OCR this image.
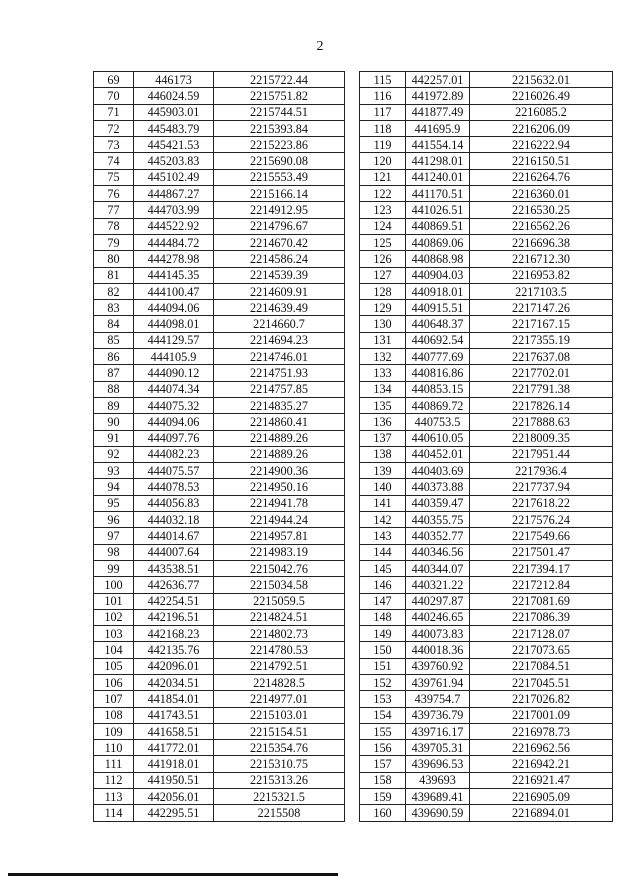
2
69	446173	2215722.44
70	446024.59	2215751.82
71	445903.01	2215744.51
72	445483.79	2215393.84
73	445421.53	2215223.86
74	445203.83	2215690.08
75	445102.49	2215553.49
76	444867.27	2215166.14
77	444703.99	2214912.95
78	444522.92	2214796.67
79	444484.72	2214670.42
80	444278.98	2214586.24
81	444145.35	2214539.39
82	444100.47	2214609.91
83	444094.06	2214639.49
84	444098.01	2214660.7
85	444129.57	2214694.23
86	444105.9	2214746.01
87	444090.12	2214751.93
88	444074.34	2214757.85
89	444075.32	2214835.27
90	444094.06	2214860.41
91	444097.76	2214889.26
92	444082.23	2214889.26
93	444075.57	2214900.36
94	444078.53	2214950.16
95	444056.83	2214941.78
96	444032.18	2214944.24
97	444014.67	2214957.81
98	444007.64	2214983.19
99	443538.51	2215042.76
100	442636.77	2215034.58
101	442254.51	2215059.5
102	442196.51	2214824.51
103	442168.23	2214802.73
104	442135.76	2214780.53
105	442096.01	2214792.51
106	442034.51	2214828.5
107	441854.01	2214977.01
108	441743.51	2215103.01
109	441658.51	2215154.51
110	441772.01	2215354.76
111	441918.01	2215310.75
112	441950.51	2215313.26
113	442056.01	2215321.5
114	442295.51	2215508
115	442257.01	2215632.01
116	441972.89	2216026.49
117	441877.49	2216085.2
118	441695.9	2216206.09
119	441554.14	2216222.94
120	441298.01	2216150.51
121	441240.01	2216264.76
122	441170.51	2216360.01
123	441026.51	2216530.25
124	440869.51	2216562.26
125	440869.06	2216696.38
126	440868.98	2216712.30
127	440904.03	2216953.82
128	440918.01	2217103.5
129	440915.51	2217147.26
130	440648.37	2217167.15
131	440692.54	2217355.19
132	440777.69	2217637.08
133	440816.86	2217702.01
134	440853.15	2217791.38
135	440869.72	2217826.14
136	440753.5	2217888.63
137	440610.05	2218009.35
138	440452.01	2217951.44
139	440403.69	2217936.4
140	440373.88	2217737.94
141	440359.47	2217618.22
142	440355.75	2217576.24
143	440352.77	2217549.66
144	440346.56	2217501.47
145	440344.07	2217394.17
146	440321.22	2217212.84
147	440297.87	2217081.69
148	440246.65	2217086.39
149	440073.83	2217128.07
150	440018.36	2217073.65
151	439760.92	2217084.51
152	439761.94	2217045.51
153	439754.7	2217026.82
154	439736.79	2217001.09
155	439716.17	2216978.73
156	439705.31	2216962.56
157	439696.53	2216942.21
158	439693	2216921.47
159	439689.41	2216905.09
160	439690.59	2216894.01
